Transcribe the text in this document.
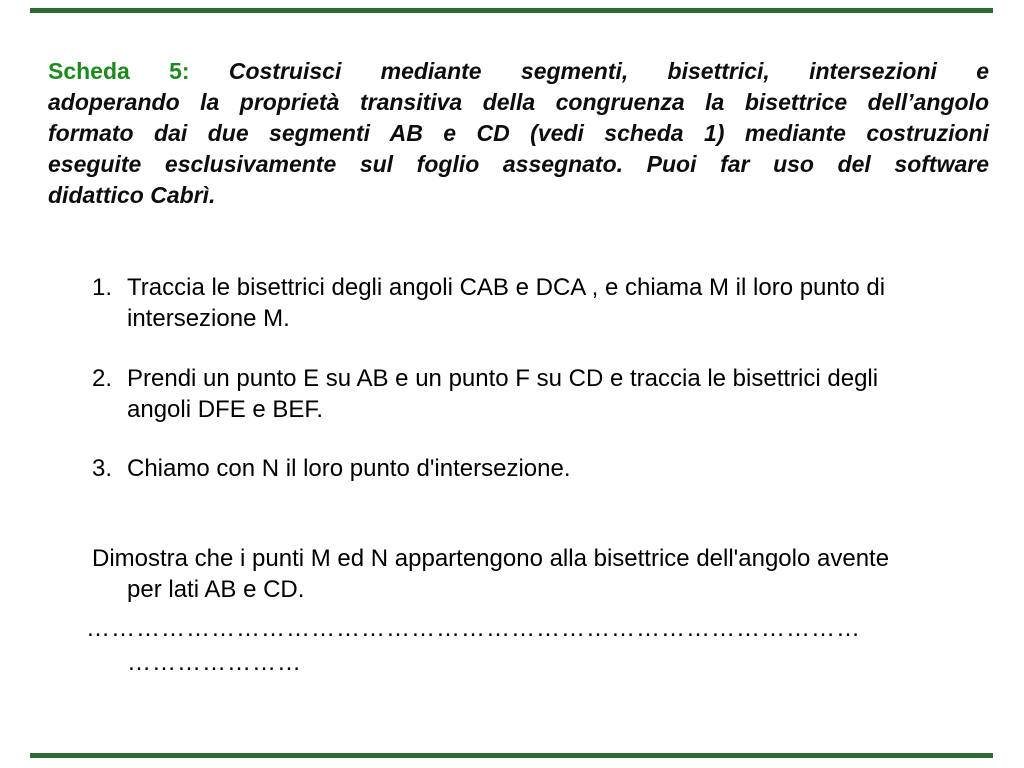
Scheda 5: Costruisci mediante segmenti, bisettrici, intersezioni e
adoperando la proprietà transitiva della congruenza la bisettrice dell’angolo
formato dai due segmenti AB e CD (vedi scheda 1) mediante costruzioni
eseguite esclusivamente sul foglio assegnato. Puoi far uso del software
didattico Cabrì.
1. Traccia le bisettrici degli angoli CAB e DCA , e chiama M il loro punto di
intersezione M.
2. Prendi un punto E su AB e un punto F su CD e traccia le bisettrici degli
angoli DFE e BEF.
3. Chiamo con N il loro punto d'intersezione.
Dimostra che i punti M ed N appartengono alla bisettrice dell'angolo avente
per lati AB e CD.
…………………………………………………………………………………
…………………
